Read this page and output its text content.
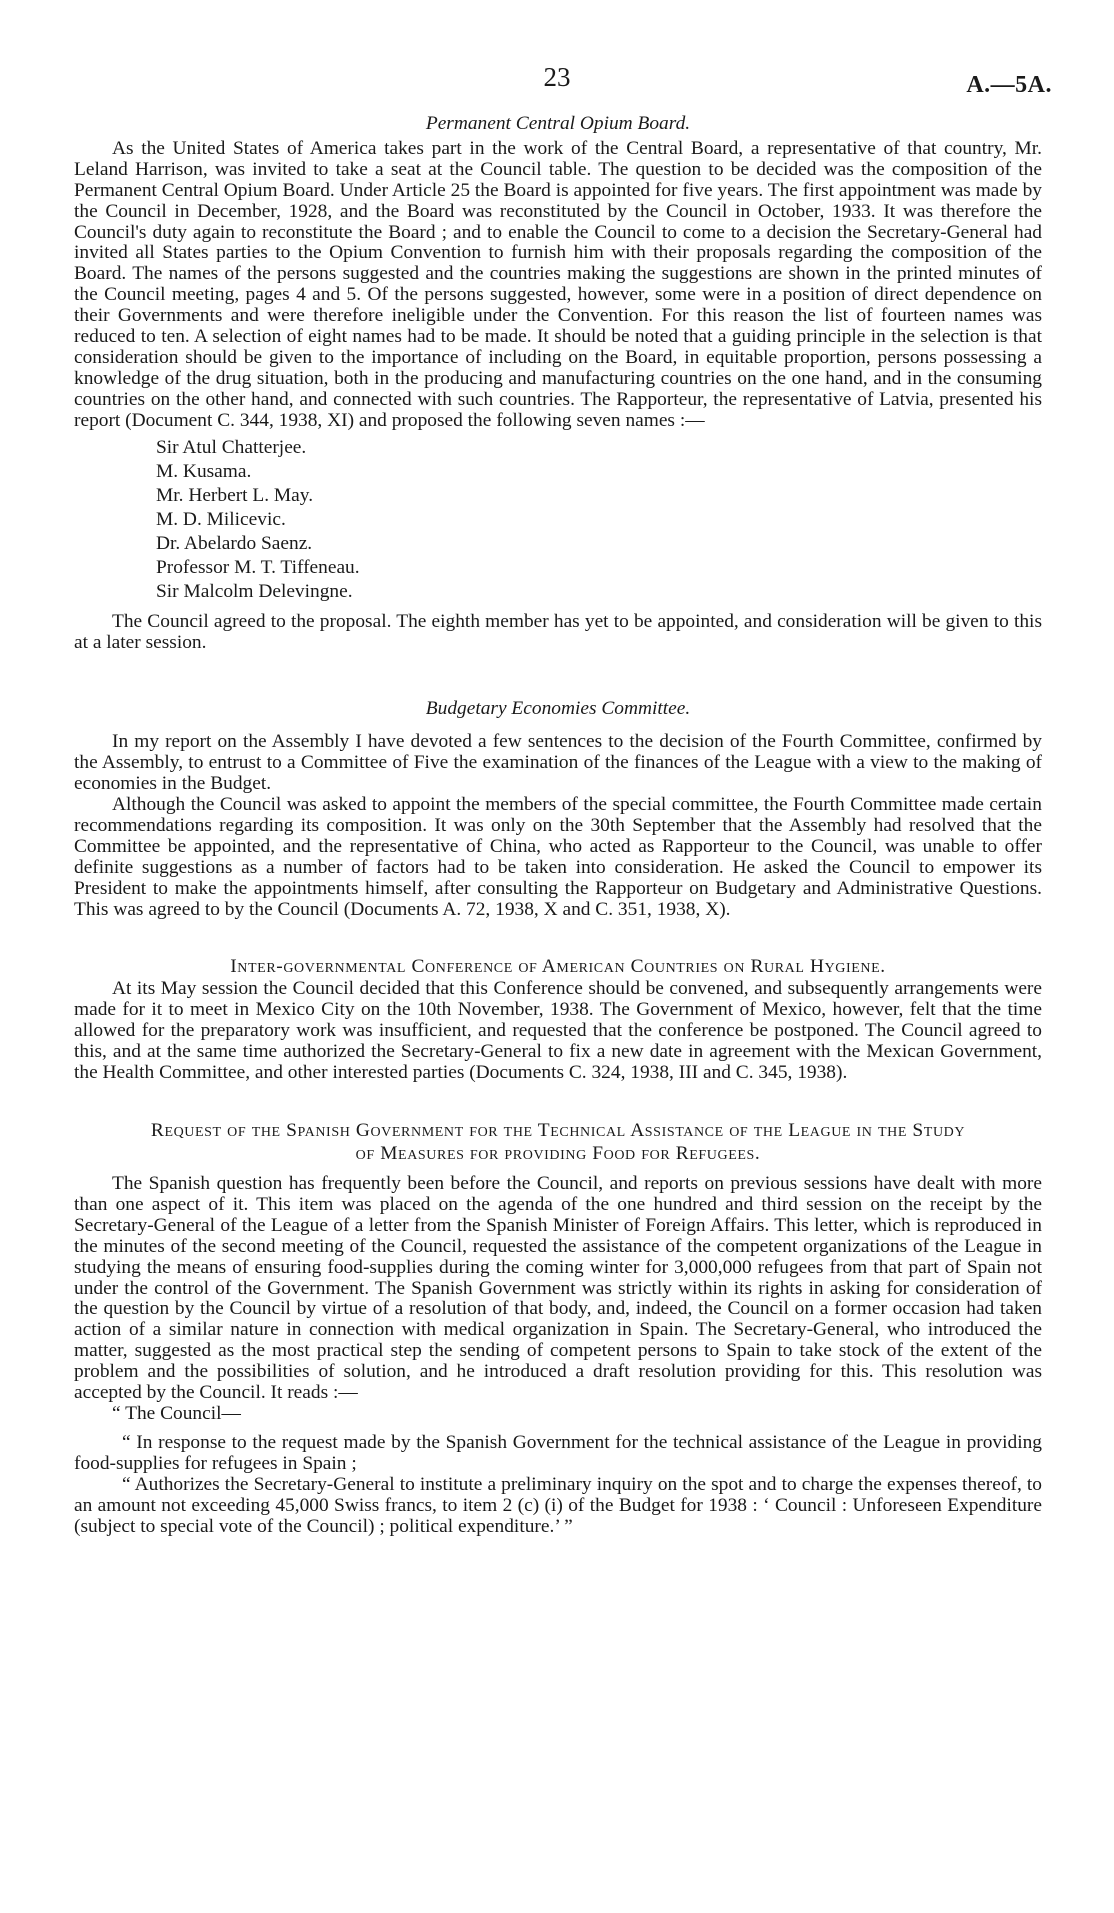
23	A.—5A.
Permanent Central Opium Board.

As the United States of America takes part in the work of the Central Board, a representative of that country, Mr. Leland Harrison, was invited to take a seat at the Council table. The question to be decided was the composition of the Permanent Central Opium Board. Under Article 25 the Board is appointed for five years. The first appointment was made by the Council in December, 1928, and the Board was reconstituted by the Council in October, 1933. It was therefore the Council's duty again to reconstitute the Board ; and to enable the Council to come to a decision the Secretary-General had invited all States parties to the Opium Convention to furnish him with their proposals regarding the composition of the Board. The names of the persons suggested and the countries making the suggestions are shown in the printed minutes of the Council meeting, pages 4 and 5. Of the persons suggested, however, some were in a position of direct dependence on their Governments and were therefore ineligible under the Convention. For this reason the list of fourteen names was reduced to ten. A selection of eight names had to be made. It should be noted that a guiding principle in the selection is that consideration should be given to the importance of including on the Board, in equitable proportion, persons possessing a knowledge of the drug situation, both in the producing and manufacturing countries on the one hand, and in the consuming countries on the other hand, and connected with such countries. The Rapporteur, the representative of Latvia, presented his report (Document C. 344, 1938, XI) and proposed the following seven names :—

Sir Atul Chatterjee.
M. Kusama.
Mr. Herbert L. May.
M. D. Milicevic.
Dr. Abelardo Saenz.
Professor M. T. Tiffeneau.
Sir Malcolm Delevingne.

The Council agreed to the proposal. The eighth member has yet to be appointed, and consideration will be given to this at a later session.

Budgetary Economies Committee.

In my report on the Assembly I have devoted a few sentences to the decision of the Fourth Committee, confirmed by the Assembly, to entrust to a Committee of Five the examination of the finances of the League with a view to the making of economies in the Budget.

Although the Council was asked to appoint the members of the special committee, the Fourth Committee made certain recommendations regarding its composition. It was only on the 30th September that the Assembly had resolved that the Committee be appointed, and the representative of China, who acted as Rapporteur to the Council, was unable to offer definite suggestions as a number of factors had to be taken into consideration. He asked the Council to empower its President to make the appointments himself, after consulting the Rapporteur on Budgetary and Administrative Questions. This was agreed to by the Council (Documents A. 72, 1938, X and C. 351, 1938, X).

Inter-governmental Conference of American Countries on Rural Hygiene.

At its May session the Council decided that this Conference should be convened, and subsequently arrangements were made for it to meet in Mexico City on the 10th November, 1938. The Government of Mexico, however, felt that the time allowed for the preparatory work was insufficient, and requested that the conference be postponed. The Council agreed to this, and at the same time authorized the Secretary-General to fix a new date in agreement with the Mexican Government, the Health Committee, and other interested parties (Documents C. 324, 1938, III and C. 345, 1938).

Request of the Spanish Government for the Technical Assistance of the League in the Study
of Measures for providing Food for Refugees.

The Spanish question has frequently been before the Council, and reports on previous sessions have dealt with more than one aspect of it. This item was placed on the agenda of the one hundred and third session on the receipt by the Secretary-General of the League of a letter from the Spanish Minister of Foreign Affairs. This letter, which is reproduced in the minutes of the second meeting of the Council, requested the assistance of the competent organizations of the League in studying the means of ensuring food-supplies during the coming winter for 3,000,000 refugees from that part of Spain not under the control of the Government. The Spanish Government was strictly within its rights in asking for consideration of the question by the Council by virtue of a resolution of that body, and, indeed, the Council on a former occasion had taken action of a similar nature in connection with medical organization in Spain. The Secretary-General, who introduced the matter, suggested as the most practical step the sending of competent persons to Spain to take stock of the extent of the problem and the possibilities of solution, and he introduced a draft resolution providing for this. This resolution was accepted by the Council. It reads :—

“ The Council—

“ In response to the request made by the Spanish Government for the technical assistance of the League in providing food-supplies for refugees in Spain ;

“ Authorizes the Secretary-General to institute a preliminary inquiry on the spot and to charge the expenses thereof, to an amount not exceeding 45,000 Swiss francs, to item 2 (c) (i) of the Budget for 1938 : ‘ Council : Unforeseen Expenditure (subject to special vote of the Council) ; political expenditure.’ ”
